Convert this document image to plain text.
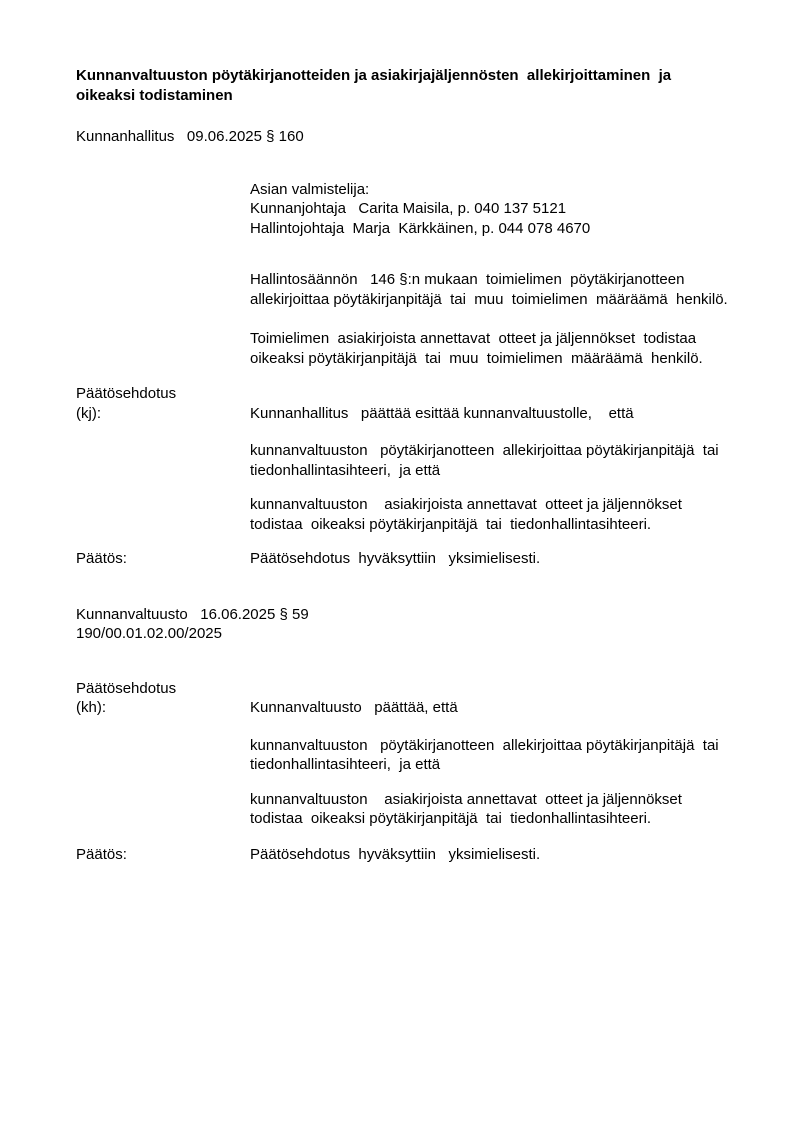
Kunnanvaltuuston pöytäkirjanotteiden ja asiakirjajäljennösten  allekirjoittaminen  ja
oikeaksi todistaminen
Kunnanhallitus   09.06.2025 § 160
Asian valmistelija:
Kunnanjohtaja   Carita Maisila, p. 040 137 5121
Hallintojohtaja  Marja  Kärkkäinen, p. 044 078 4670
Hallintosäännön   146 §:n mukaan  toimielimen  pöytäkirjanotteen
allekirjoittaa pöytäkirjanpitäjä  tai  muu  toimielimen  määräämä  henkilö.
Toimielimen  asiakirjoista annettavat  otteet ja jäljennökset  todistaa
oikeaksi pöytäkirjanpitäjä  tai  muu  toimielimen  määräämä  henkilö.
Päätösehdotus
(kj):	Kunnanhallitus   päättää esittää kunnanvaltuustolle,    että
kunnanvaltuuston   pöytäkirjanotteen  allekirjoittaa pöytäkirjanpitäjä  tai
tiedonhallintasihteeri,  ja että
kunnanvaltuuston    asiakirjoista annettavat  otteet ja jäljennökset
todistaa  oikeaksi pöytäkirjanpitäjä  tai  tiedonhallintasihteeri.
Päätös:	Päätösehdotus  hyväksyttiin   yksimielisesti.
Kunnanvaltuusto   16.06.2025 § 59
190/00.01.02.00/2025
Päätösehdotus
(kh):	Kunnanvaltuusto   päättää, että
kunnanvaltuuston   pöytäkirjanotteen  allekirjoittaa pöytäkirjanpitäjä  tai
tiedonhallintasihteeri,  ja että
kunnanvaltuuston    asiakirjoista annettavat  otteet ja jäljennökset
todistaa  oikeaksi pöytäkirjanpitäjä  tai  tiedonhallintasihteeri.
Päätös:	Päätösehdotus  hyväksyttiin   yksimielisesti.
